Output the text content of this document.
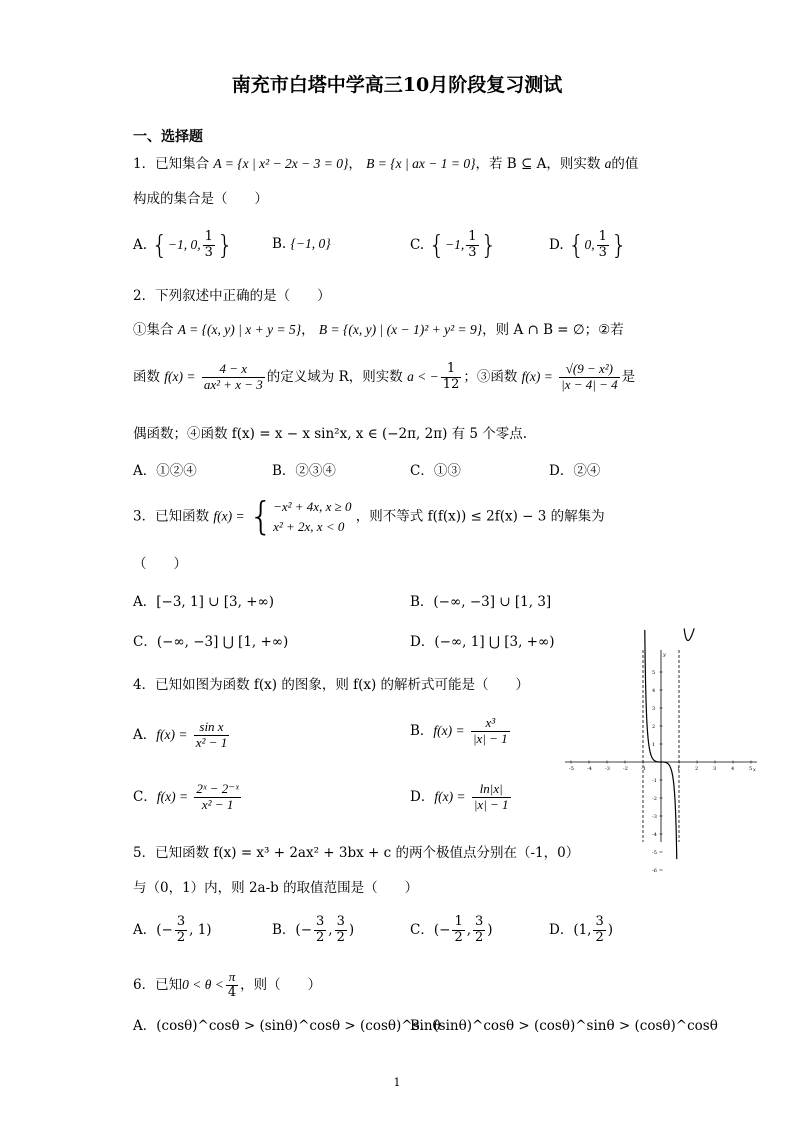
南充市白塔中学高三10月阶段复习测试
一、选择题
1．已知集合 A = {x | x² − 2x − 3 = 0}， B = {x | ax − 1 = 0}，若 B ⊆ A，则实数 a的值
构成的集合是（　　）
A. {−1, 0, $\frac{1}{3}$ }	B. {−1, 0}	C. {−1, $\frac{1}{3}$ }	D. {0, $\frac{1}{3}$ }
2．下列叙述中正确的是（　　）
①集合 A = {(x, y) | x + y = 5}， B = {(x, y) | (x − 1)² + y² = 9}，则 A ∩ B = ∅；②若
函数 $f(x) = \frac{4 - x}{\text{ax² + x − 3}}$ 的定义域为 R，则实数 a < − $\frac{1}{12}$ ；③函数 $f(x) = \frac{\text{√(9 − x²)}}{|x - 4| - 4}$ 是
偶函数；④函数 f(x) = x − x sin²x, x ∈ (−2π, 2π) 有 5 个零点.
A．①②④	B．②③④	C．①③	D．②④
3．已知函数 f(x) = { −x² + 4x, x ≥ 0
x² + 2x, x < 0
，则不等式 f(f(x)) ≤ 2f(x) − 3 的解集为
（　　）
A．[−3, 1] ∪ [3, +∞)	B．(−∞, −3] ∪ [1, 3]
C．(−∞, −3] ⋃ [1, +∞)	D．(−∞, 1] ⋃ [3, +∞)
4．已知如图为函数 f(x) 的图象，则 f(x) 的解析式可能是（　　）
A．$f(x) = \frac{\text{sin x}}{\text{x² − 1}}$	B．$f(x) = \frac{\text{x³}}{|x| - 1}$
C．$f(x) = \frac{\text{2ˣ − 2⁻ˣ}}{\text{x² − 1}}$	D．$f(x) = \frac{\ln|x|}{|x| - 1}$
x
y
-5	-4	-3	-2	-1	1	2	3	4	5
5
4
3
2
1
-1
-2
-3
-4
-5
-6
5．已知函数 f(x) = x³ + 2ax² + 3bx + c 的两个极值点分别在（-1，0）
与（0，1）内，则 2a-b 的取值范围是（　　）
A．(− $\frac{3}{2}$ , 1)	B．(− $\frac{3}{2}$ , $\frac{3}{2}$ )	C．(− $\frac{1}{2}$ , $\frac{3}{2}$ )	D．(1, $\frac{3}{2}$ )
6．已知$0 < \theta < \frac{\pi}{4}$ ，则（　　）
A．(cosθ)^cosθ > (sinθ)^cosθ > (cosθ)^sinθ
B．(sinθ)^cosθ > (cosθ)^sinθ > (cosθ)^cosθ
1
